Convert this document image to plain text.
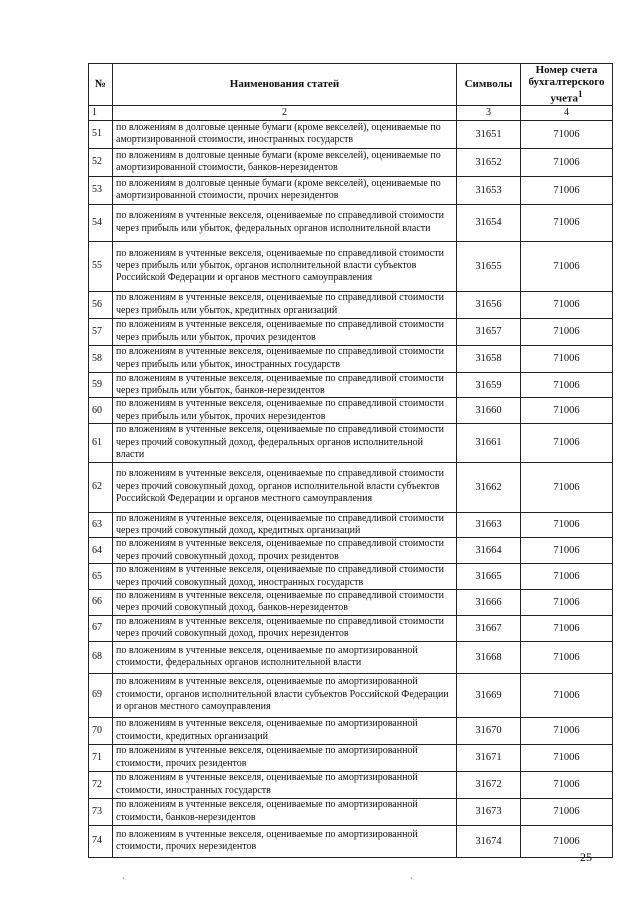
№	Наименования статей	Символы	Номер счета бухгалтерского учета$^1$
1	2	3	4
51	по вложениям в долговые ценные бумаги (кроме векселей), оцениваемые по амортизированной стоимости, иностранных государств	31651	71006
52	по вложениям в долговые ценные бумаги (кроме векселей), оцениваемые по амортизированной стоимости, банков-нерезидентов	31652	71006
53	по вложениям в долговые ценные бумаги (кроме векселей), оцениваемые по амортизированной стоимости, прочих нерезидентов	31653	71006
54	по вложениям в учтенные векселя, оцениваемые по справедливой стоимости через прибыль или убыток, федеральных органов исполнительной власти	31654	71006
55	по вложениям в учтенные векселя, оцениваемые по справедливой стоимости через прибыль или убыток, органов исполнительной власти субъектов Российской Федерации и органов местного самоуправления	31655	71006
56	по вложениям в учтенные векселя, оцениваемые по справедливой стоимости через прибыль или убыток, кредитных организаций	31656	71006
57	по вложениям в учтенные векселя, оцениваемые по справедливой стоимости через прибыль или убыток, прочих резидентов	31657	71006
58	по вложениям в учтенные векселя, оцениваемые по справедливой стоимости через прибыль или убыток, иностранных государств	31658	71006
59	по вложениям в учтенные векселя, оцениваемые по справедливой стоимости через прибыль или убыток, банков-нерезидентов	31659	71006
60	по вложениям в учтенные векселя, оцениваемые по справедливой стоимости через прибыль или убыток, прочих нерезидентов	31660	71006
61	по вложениям в учтенные векселя, оцениваемые по справедливой стоимости через прочий совокупный доход, федеральных органов исполнительной власти	31661	71006
62	по вложениям в учтенные векселя, оцениваемые по справедливой стоимости через прочий совокупный доход, органов исполнительной власти субъектов Российской Федерации и органов местного самоуправления	31662	71006
63	по вложениям в учтенные векселя, оцениваемые по справедливой стоимости через прочий совокупный доход, кредитных организаций	31663	71006
64	по вложениям в учтенные векселя, оцениваемые по справедливой стоимости через прочий совокупный доход, прочих резидентов	31664	71006
65	по вложениям в учтенные векселя, оцениваемые по справедливой стоимости через прочий совокупный доход, иностранных государств	31665	71006
66	по вложениям в учтенные векселя, оцениваемые по справедливой стоимости через прочий совокупный доход, банков-нерезидентов	31666	71006
67	по вложениям в учтенные векселя, оцениваемые по справедливой стоимости через прочий совокупный доход, прочих нерезидентов	31667	71006
68	по вложениям в учтенные векселя, оцениваемые по амортизированной стоимости, федеральных органов исполнительной власти	31668	71006
69	по вложениям в учтенные векселя, оцениваемые по амортизированной стоимости, органов исполнительной власти субъектов Российской Федерации и органов местного самоуправления	31669	71006
70	по вложениям в учтенные векселя, оцениваемые по амортизированной стоимости, кредитных организаций	31670	71006
71	по вложениям в учтенные векселя, оцениваемые по амортизированной стоимости, прочих резидентов	31671	71006
72	по вложениям в учтенные векселя, оцениваемые по амортизированной стоимости, иностранных государств	31672	71006
73	по вложениям в учтенные векселя, оцениваемые по амортизированной стоимости, банков-нерезидентов	31673	71006
74	по вложениям в учтенные векселя, оцениваемые по амортизированной стоимости, прочих нерезидентов	31674	71006
25
`	`
